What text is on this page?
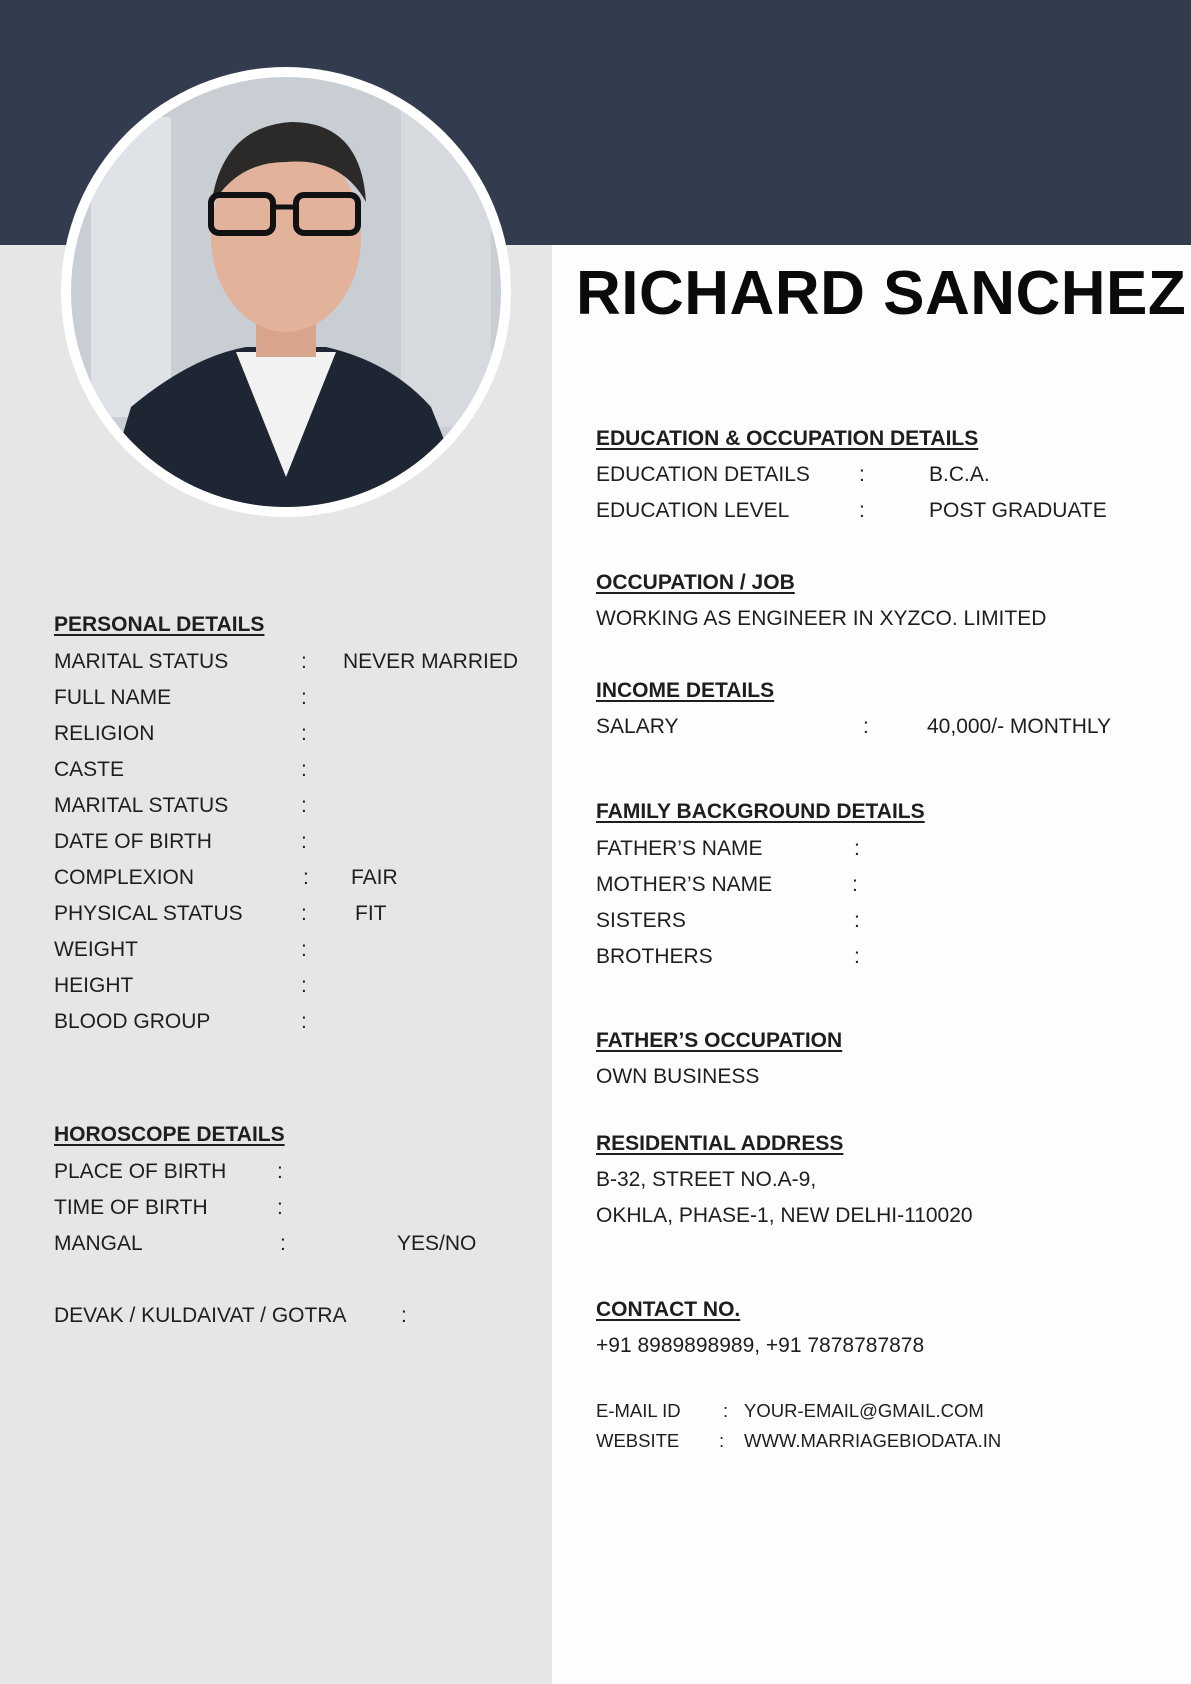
RICHARD SANCHEZ
PERSONAL DETAILS
MARITAL STATUS	: NEVER MARRIED
FULL NAME	:
RELIGION	:
CASTE	:
MARITAL STATUS	:
DATE OF BIRTH	:
COMPLEXION	: FAIR
PHYSICAL STATUS	: FIT
WEIGHT	:
HEIGHT	:
BLOOD GROUP	:
HOROSCOPE DETAILS
PLACE OF BIRTH :
TIME OF BIRTH	:
MANGAL	:	YES/NO
DEVAK / KULDAIVAT / GOTRA	:
EDUCATION & OCCUPATION DETAILS
EDUCATION DETAILS :	B.C.A.
EDUCATION LEVEL	:	POST GRADUATE
OCCUPATION / JOB
WORKING AS ENGINEER IN XYZCO. LIMITED
INCOME DETAILS
SALARY	:	40,000/- MONTHLY
FAMILY BACKGROUND DETAILS
FATHER’S NAME	:
MOTHER’S NAME	:
SISTERS	:
BROTHERS	:
FATHER’S OCCUPATION
OWN BUSINESS
RESIDENTIAL ADDRESS
B-32, STREET NO.A-9,
OKHLA, PHASE-1, NEW DELHI-110020
CONTACT NO.
+91 8989898989, +91 7878787878
E-MAIL ID : YOUR-EMAIL@GMAIL.COM
WEBSITE : WWW.MARRIAGEBIODATA.IN
